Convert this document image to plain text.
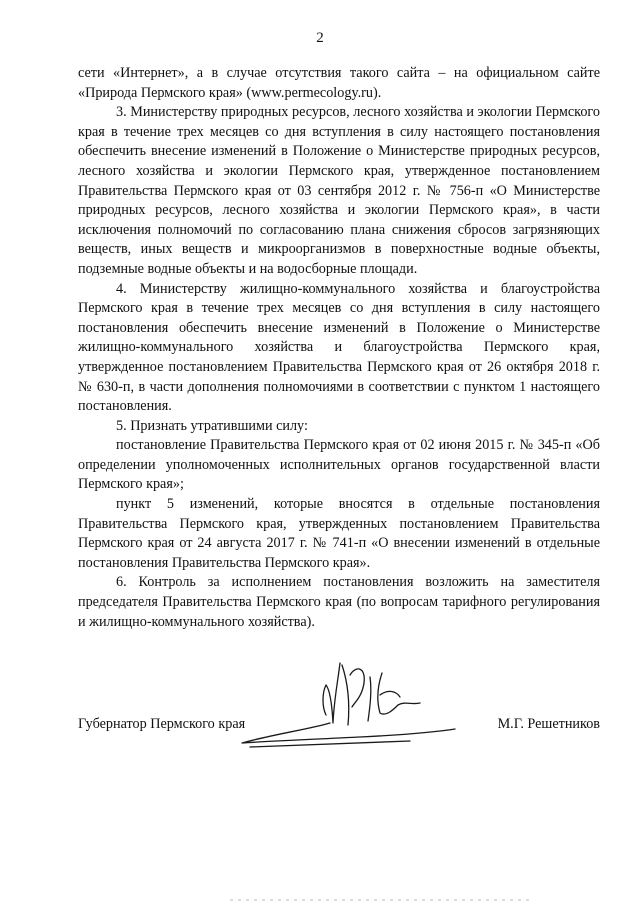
2

сети «Интернет», а в случае отсутствия такого сайта – на официальном сайте «Природа Пермского края» (www.permecology.ru).

3. Министерству природных ресурсов, лесного хозяйства и экологии Пермского края в течение трех месяцев со дня вступления в силу настоящего постановления обеспечить внесение изменений в Положение о Министерстве природных ресурсов, лесного хозяйства и экологии Пермского края, утвержденное постановлением Правительства Пермского края от 03 сентября 2012 г. № 756-п «О Министерстве природных ресурсов, лесного хозяйства и экологии Пермского края», в части исключения полномочий по согласованию плана снижения сбросов загрязняющих веществ, иных веществ и микроорганизмов в поверхностные водные объекты, подземные водные объекты и на водосборные площади.

4. Министерству жилищно-коммунального хозяйства и благоустройства Пермского края в течение трех месяцев со дня вступления в силу настоящего постановления обеспечить внесение изменений в Положение о Министерстве жилищно-коммунального хозяйства и благоустройства Пермского края, утвержденное постановлением Правительства Пермского края от 26 октября 2018 г. № 630-п, в части дополнения полномочиями в соответствии с пунктом 1 настоящего постановления.

5. Признать утратившими силу:

постановление Правительства Пермского края от 02 июня 2015 г. № 345-п «Об определении уполномоченных исполнительных органов государственной власти Пермского края»;

пункт 5 изменений, которые вносятся в отдельные постановления Правительства Пермского края, утвержденных постановлением Правительства Пермского края от 24 августа 2017 г. № 741-п «О внесении изменений в отдельные постановления Правительства Пермского края».

6. Контроль за исполнением постановления возложить на заместителя председателя Правительства Пермского края (по вопросам тарифного регулирования и жилищно-коммунального хозяйства).

Губернатор Пермского края	М.Г. Решетников
